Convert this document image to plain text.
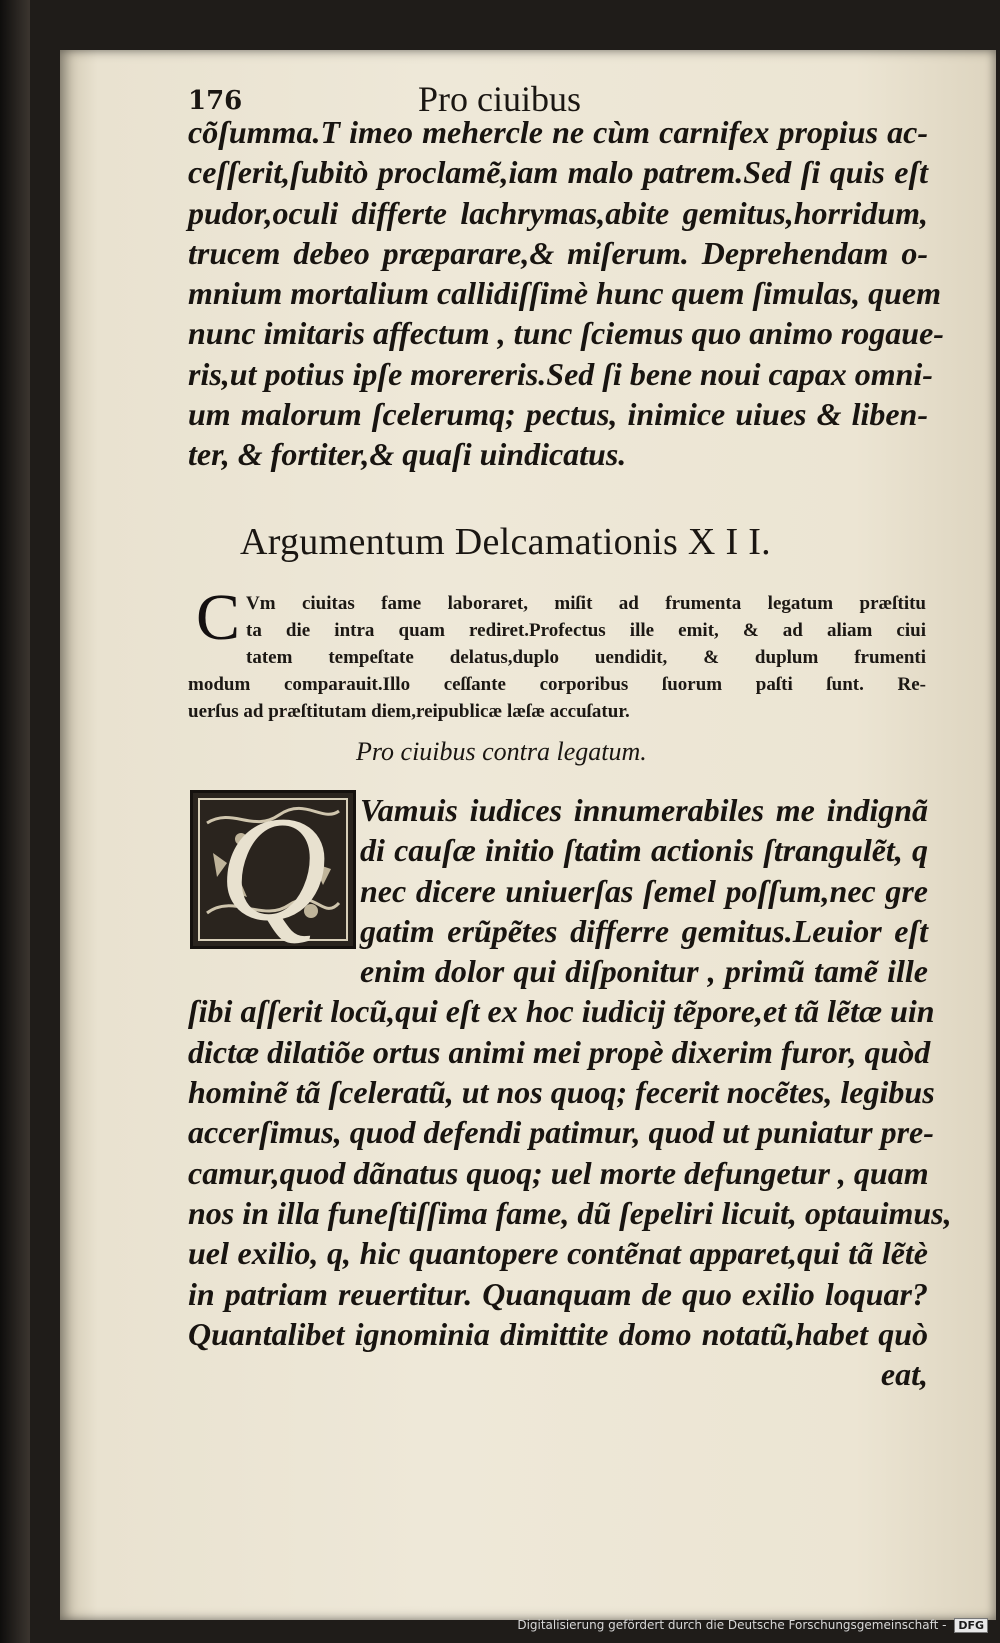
176	Pro ciuibus
cõſumma.T imeo mehercle ne cùm carnifex propius ac-
ceſſerit,ſubitò proclamẽ,iam malo patrem.Sed ſi quis eſt
pudor,oculi differte lachrymas,abite gemitus,horridum,
trucem debeo præparare,& miſerum. Deprehendam o-
mnium mortalium callidiſſimè hunc quem ſimulas, quem
nunc imitaris affectum , tunc ſciemus quo animo rogaue-
ris,ut potius ipſe morereris.Sed ſi bene noui capax omni-
um malorum ſcelerumq; pectus, inimice uiues & liben-
ter, & fortiter,& quaſi uindicatus.
Argumentum Delcamationis X I I.
C Vm ciuitas fame laboraret, miſit ad frumenta legatum præſtitu
ta die intra quam rediret.Profectus ille emit, & ad aliam ciui
tatem tempeſtate delatus,duplo uendidit, & duplum frumenti
modum comparauit.Illo ceſſante corporibus ſuorum paſti ſunt. Re-
uerſus ad præſtitutam diem,reipublicæ læſæ accuſatur.
Pro ciuibus contra legatum.
Q	Vamuis iudices innumerabiles me indignã
di cauſæ initio ſtatim actionis ſtrangulẽt, q
nec dicere uniuerſas ſemel poſſum,nec gre
gatim erũpẽtes differre gemitus.Leuior eſt
enim dolor qui diſponitur , primũ tamẽ ille
ſibi aſſerit locũ,qui eſt ex hoc iudicij tẽpore,et tã lẽtæ uin
dictæ dilatiõe ortus animi mei propè dixerim furor, quòd
hominẽ tã ſceleratũ, ut nos quoq; fecerit nocẽtes, legibus
accerſimus, quod defendi patimur, quod ut puniatur pre-
camur,quod dãnatus quoq; uel morte defungetur , quam
nos in illa funeſtiſſima fame, dũ ſepeliri licuit, optauimus,
uel exilio, q, hic quantopere contẽnat apparet,qui tã lẽtè
in patriam reuertitur. Quanquam de quo exilio loquar?
Quantalibet ignominia dimittite domo notatũ,habet quò
eat,
Digitalisierung gefördert durch die Deutsche Forschungsgemeinschaft - DFG
